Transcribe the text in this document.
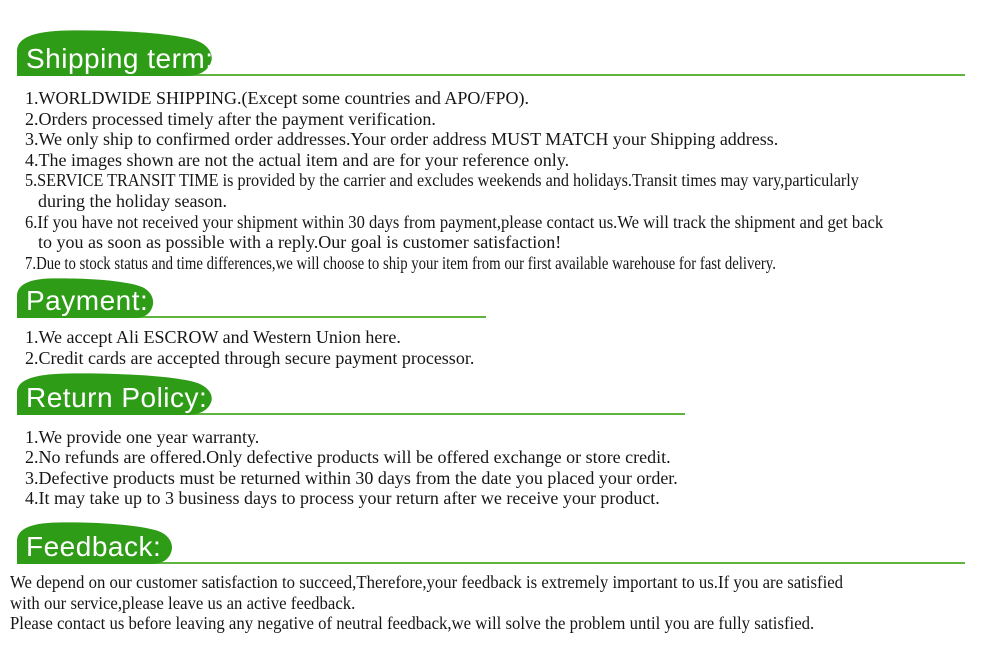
Shipping term:
1.WORLDWIDE SHIPPING.(Except some countries and APO/FPO).
2.Orders processed timely after the payment verification.
3.We only ship to confirmed order addresses.Your order address MUST MATCH your Shipping address.
4.The images shown are not the actual item and are for your reference only.
5.SERVICE TRANSIT TIME is provided by the carrier and excludes weekends and holidays.Transit times may vary,particularly
during the holiday season.
6.If you have not received your shipment within 30 days from payment,please contact us.We will track the shipment and get back
to you as soon as possible with a reply.Our goal is customer satisfaction!
7.Due to stock status and time differences,we will choose to ship your item from our first available warehouse for fast delivery.
Payment:
1.We accept Ali ESCROW and Western Union here.
2.Credit cards are accepted through secure payment processor.
Return Policy:
1.We provide one year warranty.
2.No refunds are offered.Only defective products will be offered exchange or store credit.
3.Defective products must be returned within 30 days from the date you placed your order.
4.It may take up to 3 business days to process your return after we receive your product.
Feedback:
We depend on our customer satisfaction to succeed,Therefore,your feedback is extremely important to us.If you are satisfied
with our service,please leave us an active feedback.
Please contact us before leaving any negative of neutral feedback,we will solve the problem until you are fully satisfied.
